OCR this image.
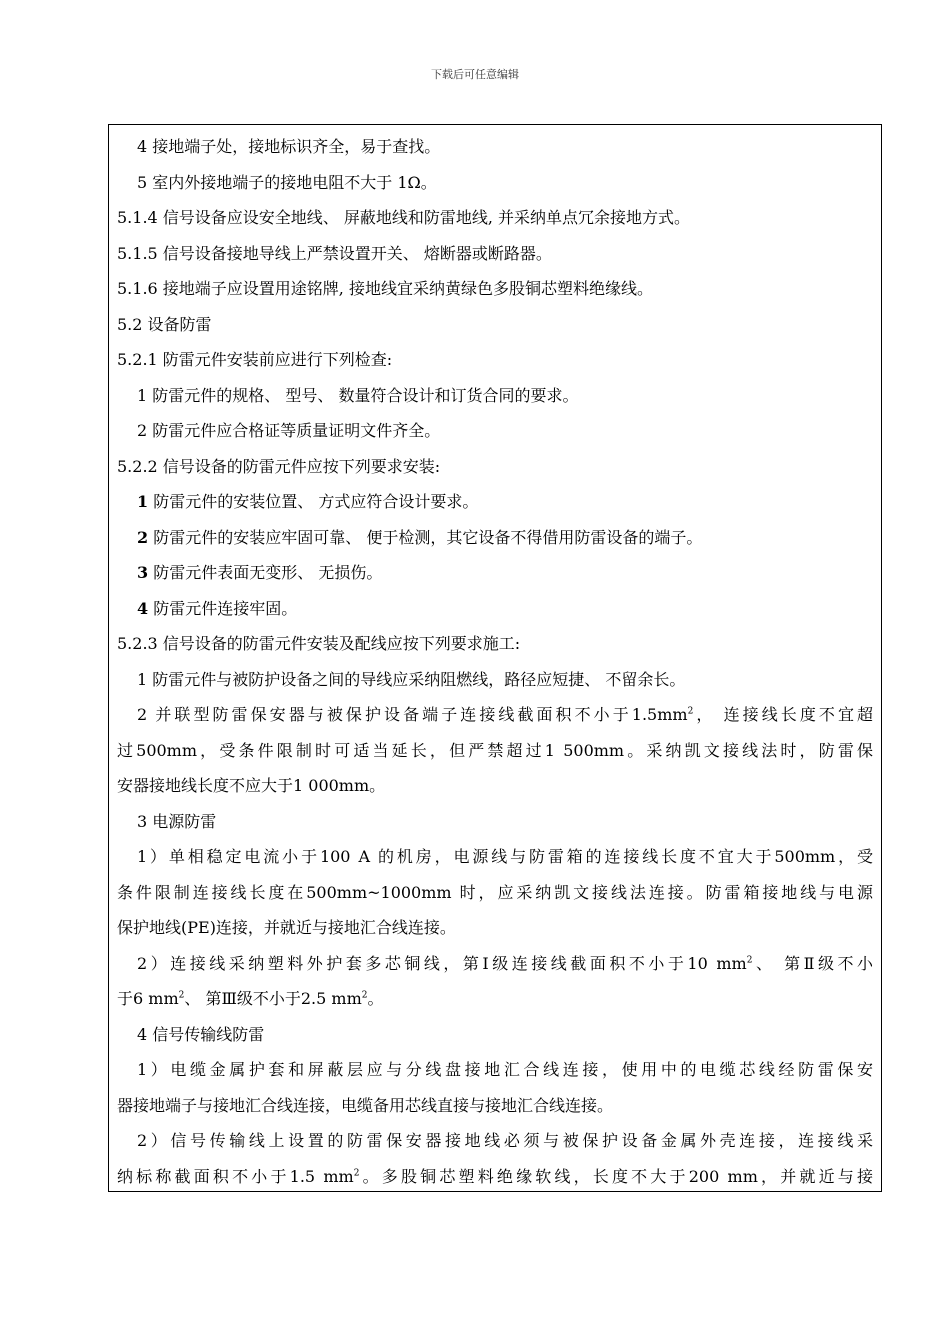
下载后可任意编辑
4 接地端子处，接地标识齐全，易于查找。
5 室内外接地端子的接地电阻不大于 1Ω。
5.1.4 信号设备应设安全地线、 屏蔽地线和防雷地线, 并采纳单点冗余接地方式。
5.1.5 信号设备接地导线上严禁设置开关、 熔断器或断路器。
5.1.6 接地端子应设置用途铭牌, 接地线宜采纳黄绿色多股铜芯塑料绝缘线。
5.2 设备防雷
5.2.1 防雷元件安装前应进行下列检查:
1 防雷元件的规格、 型号、 数量符合设计和订货合同的要求。
2 防雷元件应合格证等质量证明文件齐全。
5.2.2 信号设备的防雷元件应按下列要求安装:
1 防雷元件的安装位置、 方式应符合设计要求。
2 防雷元件的安装应牢固可靠、 便于检测，其它设备不得借用防雷设备的端子。
3 防雷元件表面无变形、 无损伤。
4 防雷元件连接牢固。
5.2.3 信号设备的防雷元件安装及配线应按下列要求施工:
1 防雷元件与被防护设备之间的导线应采纳阻燃线，路径应短捷、 不留余长。
2 并联型防雷保安器与被保护设备端子连接线截面积不小于$1.5mm^2$， 连接线长度不宜超
过500mm，受条件限制时可适当延长，但严禁超过1 500mm。采纳凯文接线法时，防雷保
安器接地线长度不应大于1 000mm。
3 电源防雷
1）单相稳定电流小于100 A 的机房，电源线与防雷箱的连接线长度不宜大于500mm，受
条件限制连接线长度在500mm~1000mm 时，应采纳凯文接线法连接。防雷箱接地线与电源
保护地线(PE)连接，并就近与接地汇合线连接。
2）连接线采纳塑料外护套多芯铜线，第Ⅰ级连接线截面积不小于10 $mm^2$、 第Ⅱ级不小
于6 $mm^2$、 第Ⅲ级不小于2.5 $mm^2$。
4 信号传输线防雷
1）电缆金属护套和屏蔽层应与分线盘接地汇合线连接，使用中的电缆芯线经防雷保安
器接地端子与接地汇合线连接，电缆备用芯线直接与接地汇合线连接。
2）信号传输线上设置的防雷保安器接地线必须与被保护设备金属外壳连接，连接线采
纳标称截面积不小于1.5 $mm^2$。多股铜芯塑料绝缘软线，长度不大于200 mm，并就近与接
